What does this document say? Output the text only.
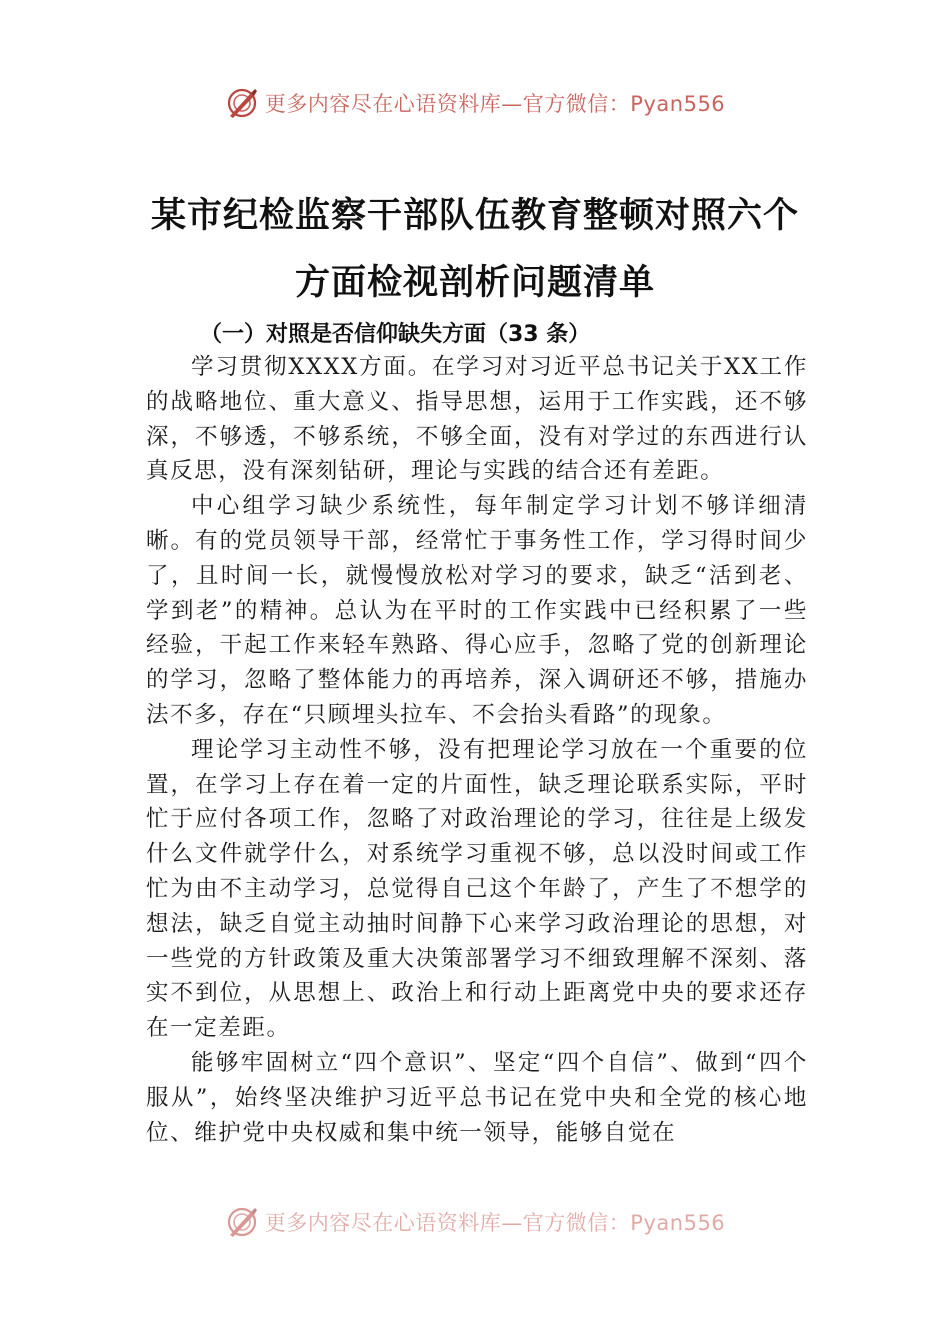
更多内容尽在心语资料库—官方微信：Pyan556
某市纪检监察干部队伍教育整顿对照六个
方面检视剖析问题清单
（一）对照是否信仰缺失方面（33 条）

学习贯彻XXXX方面。在学习对习近平总书记关于XX工作的战略地位、重大意义、指导思想，运用于工作实践，还不够深，不够透，不够系统，不够全面，没有对学过的东西进行认真反思，没有深刻钻研，理论与实践的结合还有差距。

中心组学习缺少系统性，每年制定学习计划不够详细清晰。有的党员领导干部，经常忙于事务性工作，学习得时间少了，且时间一长，就慢慢放松对学习的要求，缺乏“活到老、学到老”的精神。总认为在平时的工作实践中已经积累了一些经验，干起工作来轻车熟路、得心应手，忽略了党的创新理论的学习，忽略了整体能力的再培养，深入调研还不够，措施办法不多，存在“只顾埋头拉车、不会抬头看路”的现象。

理论学习主动性不够，没有把理论学习放在一个重要的位置，在学习上存在着一定的片面性，缺乏理论联系实际，平时忙于应付各项工作，忽略了对政治理论的学习，往往是上级发什么文件就学什么，对系统学习重视不够，总以没时间或工作忙为由不主动学习，总觉得自己这个年龄了，产生了不想学的想法，缺乏自觉主动抽时间静下心来学习政治理论的思想，对一些党的方针政策及重大决策部署学习不细致理解不深刻、落实不到位，从思想上、政治上和行动上距离党中央的要求还存在一定差距。

能够牢固树立“四个意识”、坚定“四个自信”、做到“四个服从”，始终坚决维护习近平总书记在党中央和全党的核心地位、维护党中央权威和集中统一领导，能够自觉在

更多内容尽在心语资料库—官方微信：Pyan556
